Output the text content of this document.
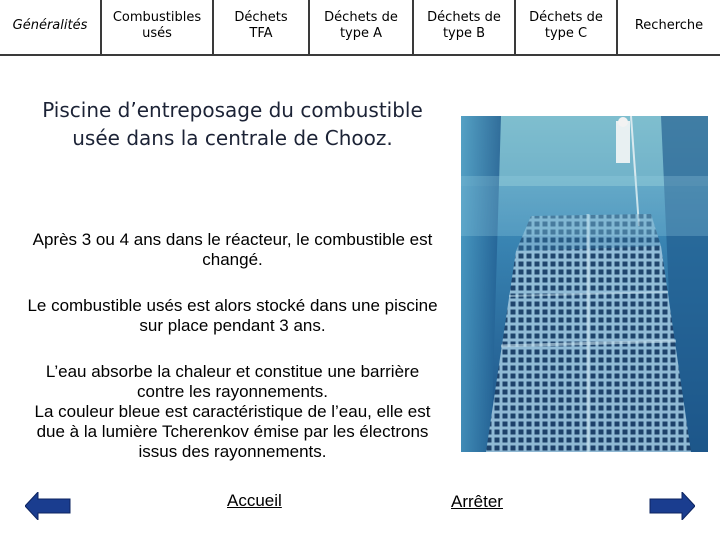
Généralités
Combustibles
usés
Déchets
TFA
Déchets de
type A
Déchets de
type B
Déchets de
type C
Recherche
Piscine d’entreposage du combustible usée dans la centrale de Chooz.
Après 3 ou 4 ans dans le réacteur, le combustible est changé.
Le combustible usés est alors stocké dans une piscine sur place pendant 3 ans.
L’eau absorbe la chaleur et constitue une barrière contre les rayonnements.
La couleur bleue est caractéristique de l’eau, elle est due à la lumière Tcherenkov émise par les électrons issus des rayonnements.
Accueil	Arrêter
